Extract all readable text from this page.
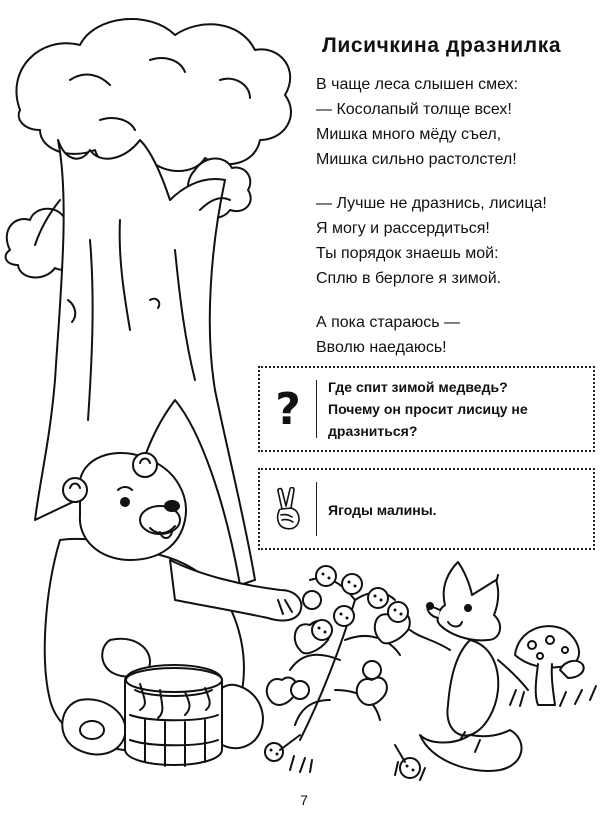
Лисичкина дразнилка
В чаще леса слышен смех:
— Косолапый толще всех!
Мишка много мёду съел,
Мишка сильно растолстел!
— Лучше не дразнись, лисица!
Я могу и рассердиться!
Ты порядок знаешь мой:
Сплю в берлоге я зимой.
А пока стараюсь —
Вволю наедаюсь!
? Где спит зимой медведь?
Почему он просит лисицу не
дразниться?
Ягоды малины.
7
